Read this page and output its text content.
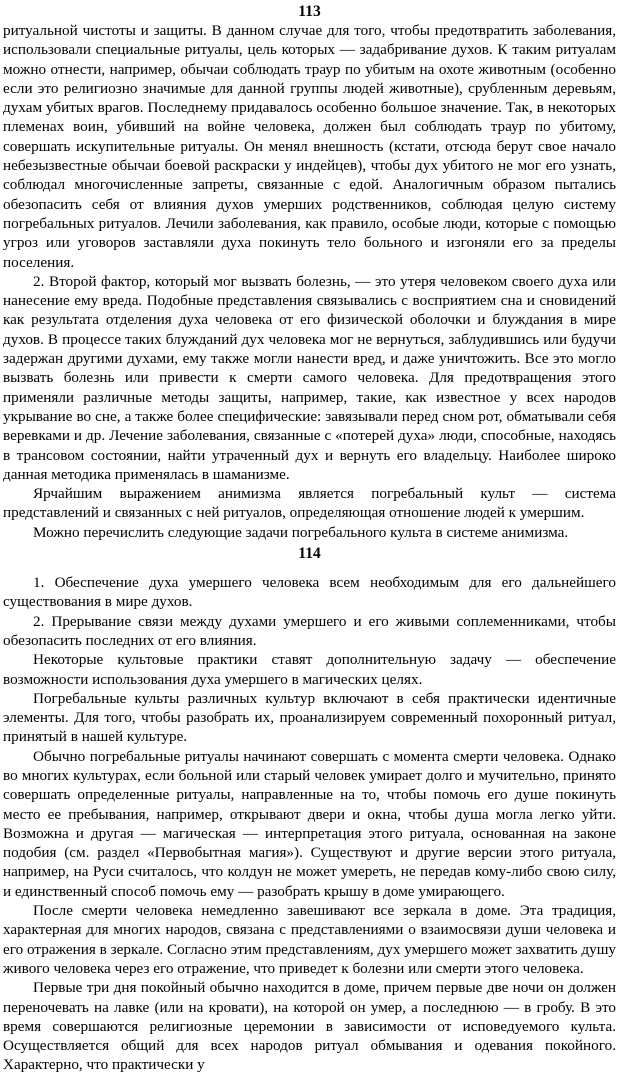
113

ритуальной чистоты и защиты. В данном случае для того, чтобы предотвратить заболевания, использовали специальные ритуалы, цель которых — задабривание духов. К таким ритуалам можно отнести, например, обычаи соблюдать траур по убитым на охоте животным (особенно если это религиозно значимые для данной группы людей животные), срубленным деревьям, духам убитых врагов. Последнему придавалось особенно большое значение. Так, в некоторых племенах воин, убивший на войне человека, должен был соблюдать траур по убитому, совершать искупительные ритуалы. Он менял внешность (кстати, отсюда берут свое начало небезызвестные обычаи боевой раскраски у индейцев), чтобы дух убитого не мог его узнать, соблюдал многочисленные запреты, связанные с едой. Аналогичным образом пытались обезопасить себя от влияния духов умерших родственников, соблюдая целую систему погребальных ритуалов. Лечили заболевания, как правило, особые люди, которые с помощью угроз или уговоров заставляли духа покинуть тело больного и изгоняли его за пределы поселения.

2. Второй фактор, который мог вызвать болезнь, — это утеря человеком своего духа или нанесение ему вреда. Подобные представления связывались с восприятием сна и сновидений как результата отделения духа человека от его физической оболочки и блуждания в мире духов. В процессе таких блужданий дух человека мог не вернуться, заблудившись или будучи задержан другими духами, ему также могли нанести вред, и даже уничтожить. Все это могло вызвать болезнь или привести к смерти самого человека. Для предотвращения этого применяли различные методы защиты, например, такие, как известное у всех народов укрывание во сне, а также более специфические: завязывали перед сном рот, обматывали себя веревками и др. Лечение заболевания, связанные с «потерей духа» люди, способные, находясь в трансовом состоянии, найти утраченный дух и вернуть его владельцу. Наиболее широко данная методика применялась в шаманизме.

Ярчайшим выражением анимизма является погребальный культ — система представлений и связанных с ней ритуалов, определяющая отношение людей к умершим.

Можно перечислить следующие задачи погребального культа в системе анимизма.

114

1. Обеспечение духа умершего человека всем необходимым для его дальнейшего существования в мире духов.

2. Прерывание связи между духами умершего и его живыми соплеменниками, чтобы обезопасить последних от его влияния.

Некоторые культовые практики ставят дополнительную задачу — обеспечение возможности использования духа умершего в магических целях.

Погребальные культы различных культур включают в себя практически идентичные элементы. Для того, чтобы разобрать их, проанализируем современный похоронный ритуал, принятый в нашей культуре.

Обычно погребальные ритуалы начинают совершать с момента смерти человека. Однако во многих культурах, если больной или старый человек умирает долго и мучительно, принято совершать определенные ритуалы, направленные на то, чтобы помочь его душе покинуть место ее пребывания, например, открывают двери и окна, чтобы душа могла легко уйти. Возможна и другая — магическая — интерпретация этого ритуала, основанная на законе подобия (см. раздел «Первобытная магия»). Существуют и другие версии этого ритуала, например, на Руси считалось, что колдун не может умереть, не передав кому-либо свою силу, и единственный способ помочь ему — разобрать крышу в доме умирающего.

После смерти человека немедленно завешивают все зеркала в доме. Эта традиция, характерная для многих народов, связана с представлениями о взаимосвязи души человека и его отражения в зеркале. Согласно этим представлениям, дух умершего может захватить душу живого человека через его отражение, что приведет к болезни или смерти этого человека.

Первые три дня покойный обычно находится в доме, причем первые две ночи он должен переночевать на лавке (или на кровати), на которой он умер, а последнюю — в гробу. В это время совершаются религиозные церемонии в зависимости от исповедуемого культа. Осуществляется общий для всех народов ритуал обмывания и одевания покойного. Характерно, что практически у
